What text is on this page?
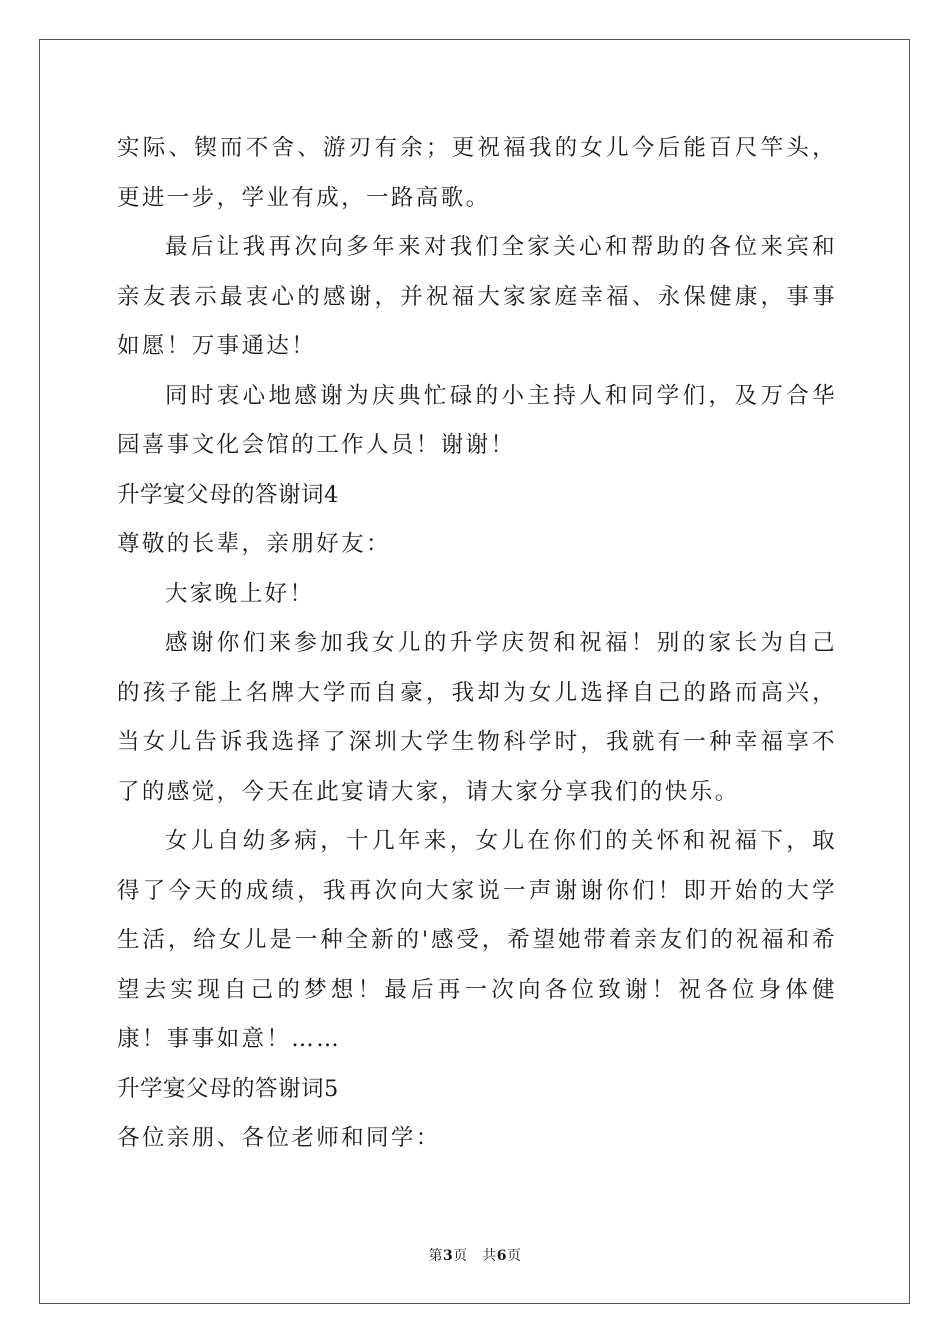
实际、锲而不舍、游刃有余；更祝福我的女儿今后能百尺竿头，更进一步，学业有成，一路高歌。

最后让我再次向多年来对我们全家关心和帮助的各位来宾和亲友表示最衷心的感谢，并祝福大家家庭幸福、永保健康，事事如愿！万事通达！

同时衷心地感谢为庆典忙碌的小主持人和同学们，及万合华园喜事文化会馆的工作人员！谢谢！

升学宴父母的答谢词4

尊敬的长辈，亲朋好友：

大家晚上好！

感谢你们来参加我女儿的升学庆贺和祝福！别的家长为自己的孩子能上名牌大学而自豪，我却为女儿选择自己的路而高兴，当女儿告诉我选择了深圳大学生物科学时，我就有一种幸福享不了的感觉，今天在此宴请大家，请大家分享我们的快乐。

女儿自幼多病，十几年来，女儿在你们的关怀和祝福下，取得了今天的成绩，我再次向大家说一声谢谢你们！即开始的大学生活，给女儿是一种全新的'感受，希望她带着亲友们的祝福和希望去实现自己的梦想！最后再一次向各位致谢！祝各位身体健康！事事如意！……

升学宴父母的答谢词5

各位亲朋、各位老师和同学：

第3页　共6页
